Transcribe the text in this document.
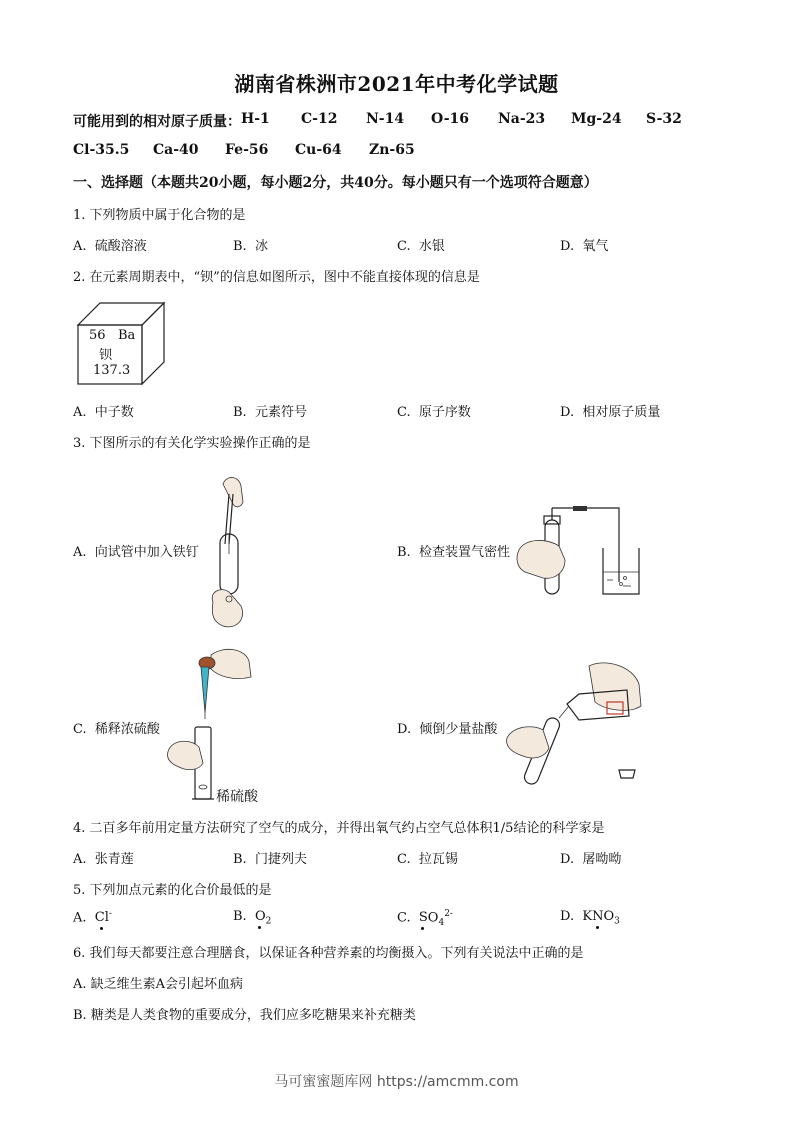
湖南省株洲市2021年中考化学试题
可能用到的相对原子质量： H-1	C-12	N-14	O-16	Na-23	Mg-24	S-32
Cl-35.5	Ca-40	Fe-56	Cu-64	Zn-65
一、选择题（本题共20小题，每小题2分，共40分。每小题只有一个选项符合题意）
1. 下列物质中属于化合物的是
A. 硫酸溶液	B. 冰	C. 水银	D. 氧气
2. 在元素周期表中，“钡”的信息如图所示，图中不能直接体现的信息是
56 Ba
钡
137.3
A. 中子数	B. 元素符号	C. 原子序数	D. 相对原子质量
3. 下图所示的有关化学实验操作正确的是
A. 向试管中加入铁钉	B. 检查装置气密性
稀硫酸
C. 稀释浓硫酸	D. 倾倒少量盐酸
4. 二百多年前用定量方法研究了空气的成分，并得出氧气约占空气总体积1/5结论的科学家是
A. 张青莲	B. 门捷列夫	C. 拉瓦锡	D. 屠呦呦
5. 下列加点元素的化合价最低的是
A. Cl-	B. $O_2$	C. $SO_4^{2-}$	D. $KNO_3$
6. 我们每天都要注意合理膳食，以保证各种营养素的均衡摄入。下列有关说法中正确的是
A. 缺乏维生素A会引起坏血病
B. 糖类是人类食物的重要成分，我们应多吃糖果来补充糖类
马可蜜蜜题库网 https://amcmm.com
